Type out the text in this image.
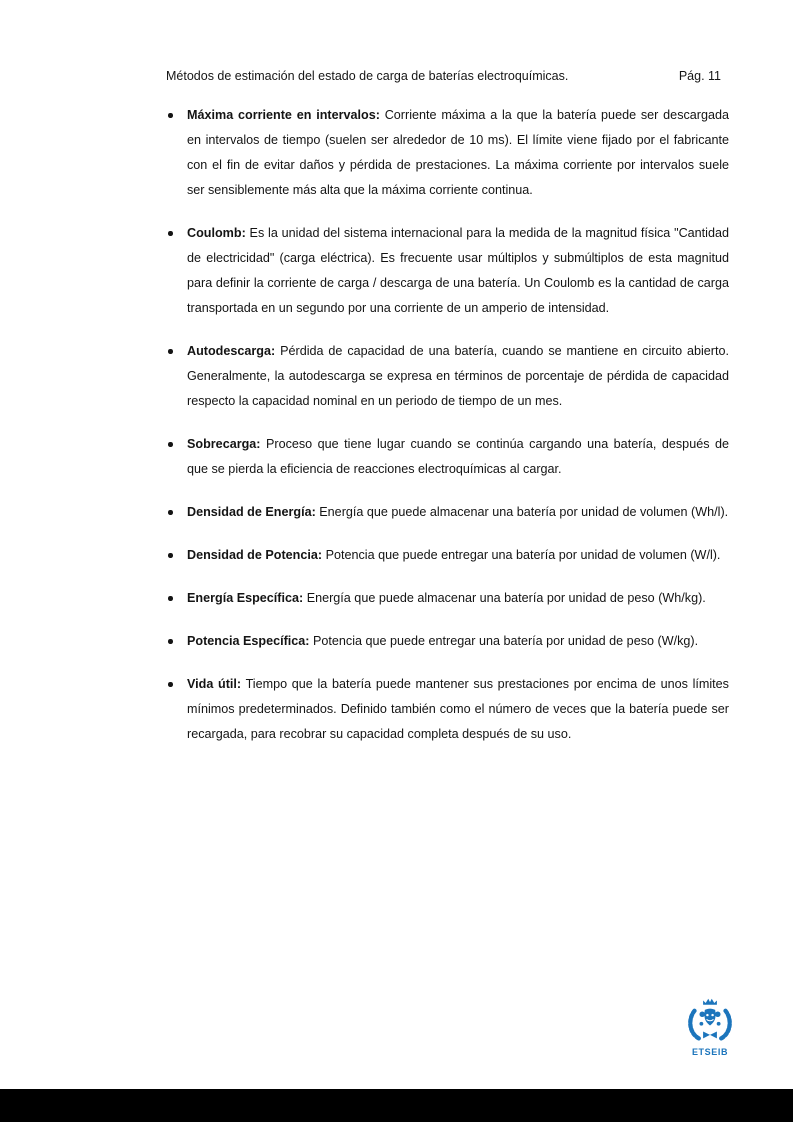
Métodos de estimación del estado de carga de baterías electroquímicas.	Pág. 11
Máxima corriente en intervalos: Corriente máxima a la que la batería puede ser descargada en intervalos de tiempo (suelen ser alrededor de 10 ms). El límite viene fijado por el fabricante con el fin de evitar daños y pérdida de prestaciones. La máxima corriente por intervalos suele ser sensiblemente más alta que la máxima corriente continua.
Coulomb: Es la unidad del sistema internacional para la medida de la magnitud física "Cantidad de electricidad" (carga eléctrica). Es frecuente usar múltiplos y submúltiplos de esta magnitud para definir la corriente de carga / descarga de una batería. Un Coulomb es la cantidad de carga transportada en un segundo por una corriente de un amperio de intensidad.
Autodescarga: Pérdida de capacidad de una batería, cuando se mantiene en circuito abierto. Generalmente, la autodescarga se expresa en términos de porcentaje de pérdida de capacidad respecto la capacidad nominal en un periodo de tiempo de un mes.
Sobrecarga: Proceso que tiene lugar cuando se continúa cargando una batería, después de que se pierda la eficiencia de reacciones electroquímicas al cargar.
Densidad de Energía: Energía que puede almacenar una batería por unidad de volumen (Wh/l).
Densidad de Potencia: Potencia que puede entregar una batería por unidad de volumen (W/l).
Energía Específica: Energía que puede almacenar una batería por unidad de peso (Wh/kg).
Potencia Específica: Potencia que puede entregar una batería por unidad de peso (W/kg).
Vida útil: Tiempo que la batería puede mantener sus prestaciones por encima de unos límites mínimos predeterminados. Definido también como el número de veces que la batería puede ser recargada, para recobrar su capacidad completa después de su uso.
ETSEIB
